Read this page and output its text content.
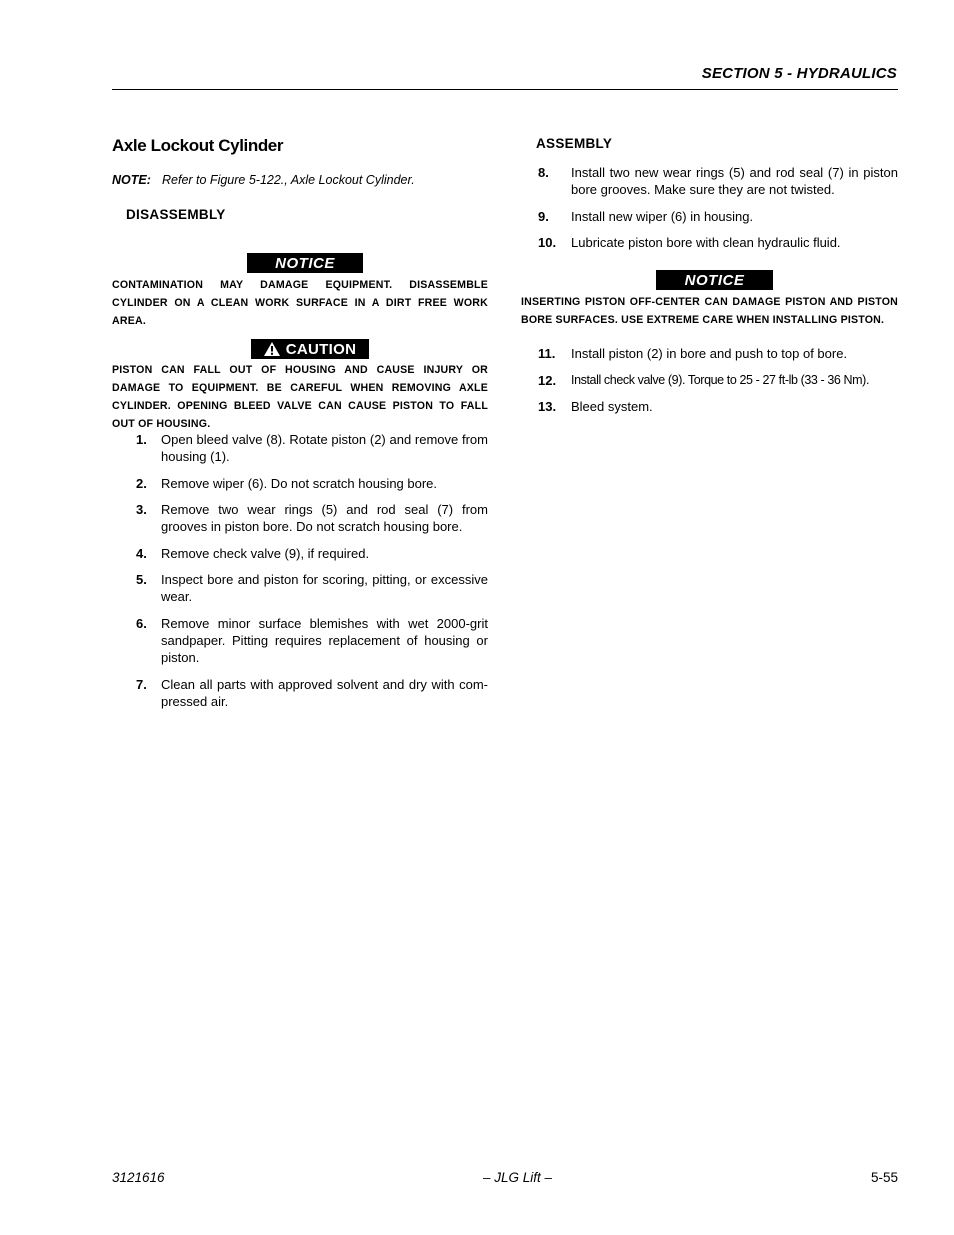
SECTION 5 - HYDRAULICS
Axle Lockout Cylinder
NOTE: Refer to Figure 5-122., Axle Lockout Cylinder.
DISASSEMBLY
NOTICE
CONTAMINATION MAY DAMAGE EQUIPMENT. DISASSEMBLE CYLINDER ON A CLEAN WORK SURFACE IN A DIRT FREE WORK AREA.
CAUTION
PISTON CAN FALL OUT OF HOUSING AND CAUSE INJURY OR DAMAGE TO EQUIPMENT. BE CAREFUL WHEN REMOVING AXLE CYLINDER. OPENING BLEED VALVE CAN CAUSE PISTON TO FALL OUT OF HOUSING.
1. Open bleed valve (8). Rotate piston (2) and remove from housing (1).
2. Remove wiper (6). Do not scratch housing bore.
3. Remove two wear rings (5) and rod seal (7) from grooves in piston bore. Do not scratch housing bore.
4. Remove check valve (9), if required.
5. Inspect bore and piston for scoring, pitting, or excessive wear.
6. Remove minor surface blemishes with wet 2000-grit sandpaper. Pitting requires replacement of housing or piston.
7. Clean all parts with approved solvent and dry with com-pressed air.
ASSEMBLY
8. Install two new wear rings (5) and rod seal (7) in piston bore grooves. Make sure they are not twisted.
9. Install new wiper (6) in housing.
10. Lubricate piston bore with clean hydraulic fluid.
NOTICE
INSERTING PISTON OFF-CENTER CAN DAMAGE PISTON AND PISTON BORE SURFACES. USE EXTREME CARE WHEN INSTALLING PISTON.
11. Install piston (2) in bore and push to top of bore.
12. Install check valve (9). Torque to 25 - 27 ft-lb (33 - 36 Nm).
13. Bleed system.
3121616	– JLG Lift –	5-55
